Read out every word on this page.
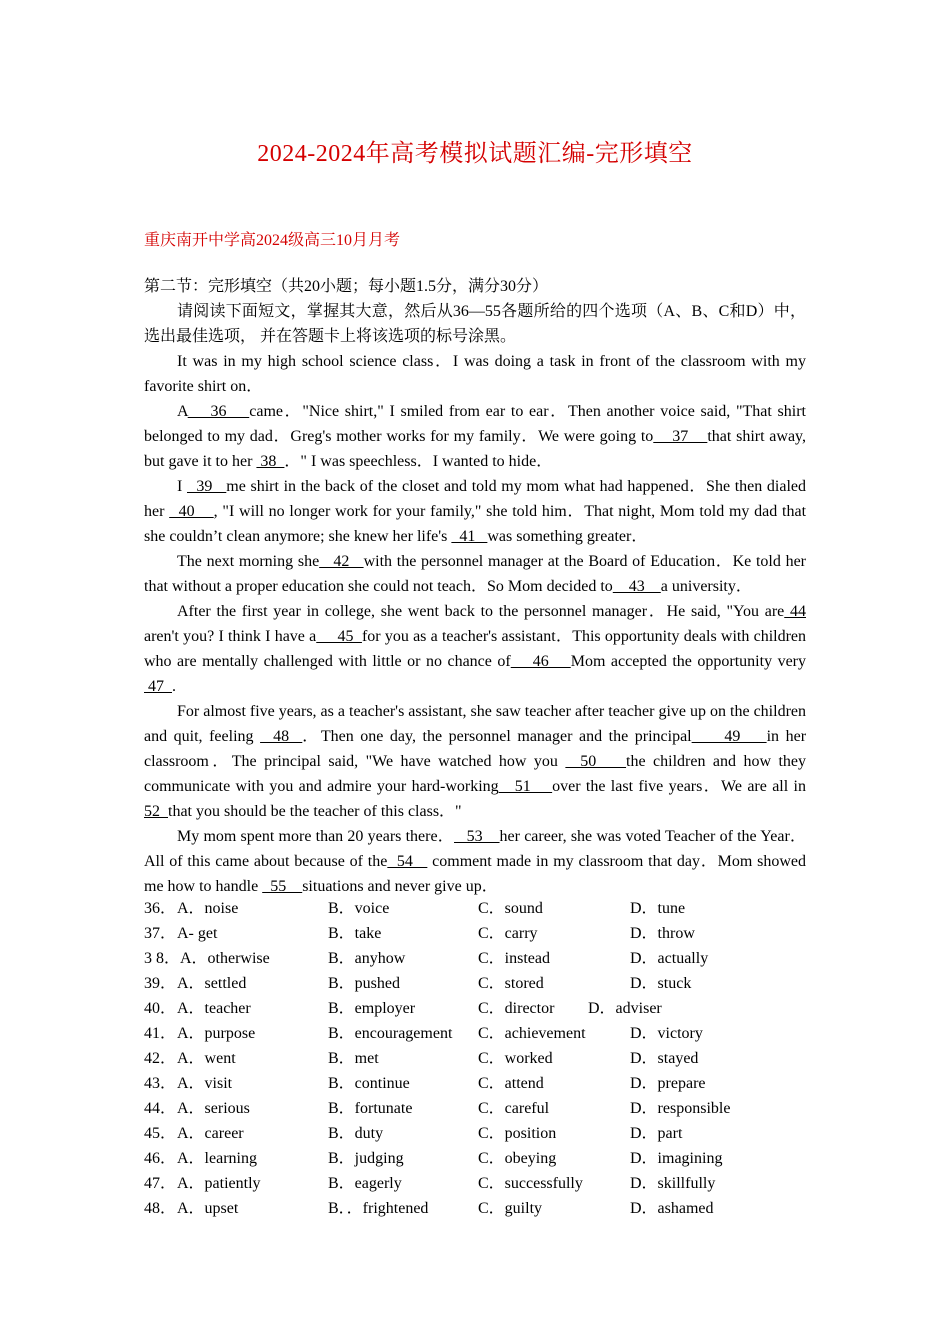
2024-2024年高考模拟试题汇编-完形填空
重庆南开中学高2024级高三10月月考

第二节：完形填空（共20小题；每小题1.5分，满分30分）

请阅读下面短文，掌握其大意，然后从36—55各题所给的四个选项（A、B、C和D）中，选出最佳选项， 并在答题卡上将该选项的标号涂黑。

It was in my high school science class．I was doing a task in front of the classroom with my favorite shirt on．

A    36    came．"Nice shirt," I smiled from ear to ear．Then another voice said, "That shirt belonged to my dad．Greg's mother works for my family．We were going to    37    that shirt away, but gave it to her  38  ．" I was speechless．I wanted to hide．

I   39   me shirt in the back of the closet and told my mom what had happened．She then dialed her   40    , "I will no longer work for your family," she told him．That night, Mom told my dad that she couldn’t clean anymore; she knew her life's   41   was something greater．

The next morning she   42   with the personnel manager at the Board of Education．Ke told her that without a proper education she could not teach．So Mom decided to    43    a university．

After the first year in college, she went back to the personnel manager．He said, "You are 44 aren't you? I think I have a     45  for you as a teacher's assistant．This opportunity deals with children who are mentally challenged with little or no chance of    46    Mom accepted the opportunity very  47  .

For almost five years, as a teacher's assistant, she saw teacher after teacher give up on the children and quit, feeling   48  ．Then one day, the personnel manager and the principal     49    in her classroom．The principal said, "We have watched how you   50    the children and how they communicate with you and admire your hard-working   51    over the last five years．We are all in 52  that you should be the teacher of this class．"

My mom spent more than 20 years there．   53    her career, she was voted Teacher of the Year．All of this came about because of the  54    comment made in my classroom that day．Mom showed me how to handle   55    situations and never give up．

36． A．noise	B．voice	C．sound	D．tune
37． A- get	B．take	C．carry	D．throw
3 8． A．otherwise	B．anyhow	C．instead	D．actually
39． A．settled	B．pushed	C．stored	D．stuck
40． A．teacher	B．employer	C．director D．adviser
41． A．purpose	B．encouragement C．achievement	D．victory
42． A．went	B．met	C．worked	D．stayed
43． A．visit	B．continue	C．attend	D．prepare
44． A．serious	B．fortunate	C．careful	D．responsible
45． A．career	B．duty	C．position	D．part
46． A．learning	B．judging	C．obeying	D．imagining
47． A．patiently	B．eagerly	C．successfully	D．skillfully
48． A．upset	B．．frightened	C．guilty	D．ashamed
